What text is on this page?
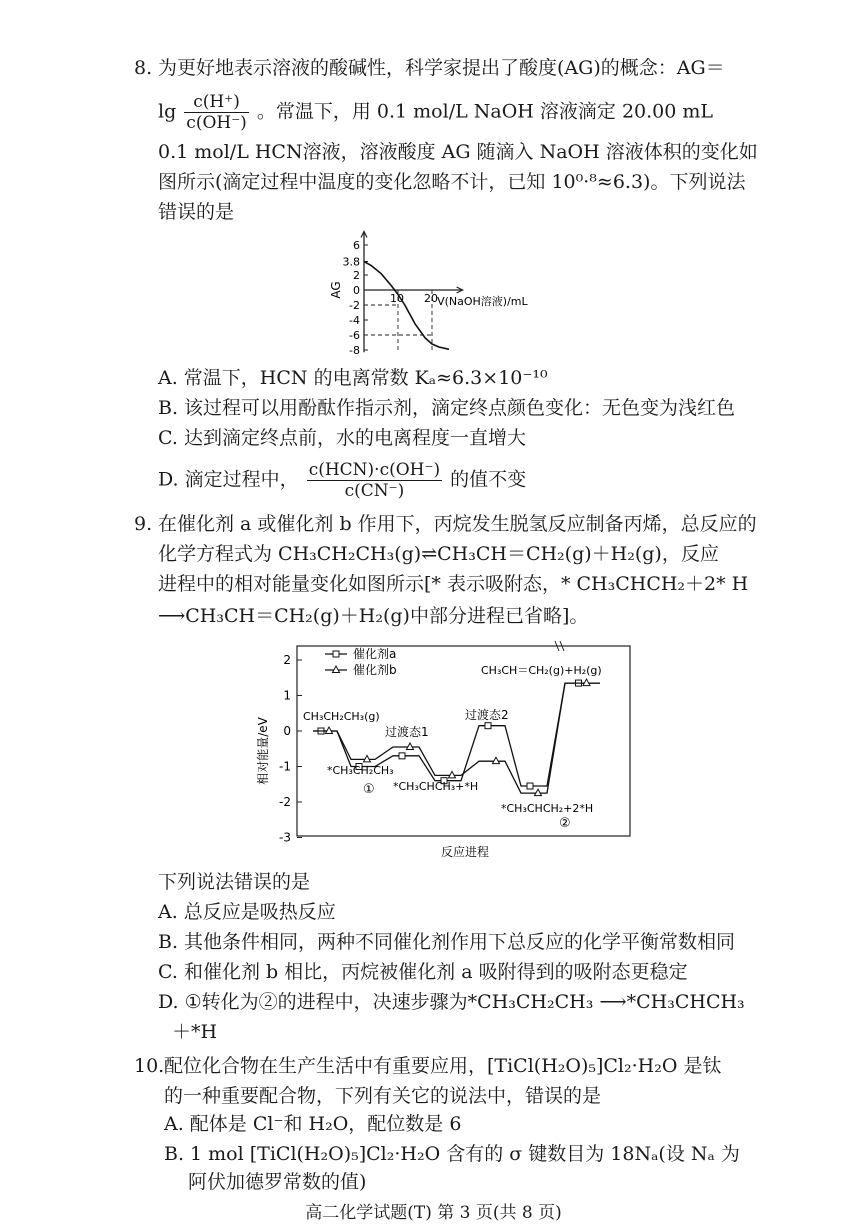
8. 为更好地表示溶液的酸碱性，科学家提出了酸度(AG)的概念：AG＝
$\lg \frac{c(H^+)}{c(OH^-)}$ 。常温下，用 0.1 mol/L NaOH 溶液滴定 20.00 mL
0.1 mol/L HCN溶液，溶液酸度 AG 随滴入 NaOH 溶液体积的变化如
图所示(滴定过程中温度的变化忽略不计，已知 10⁰·⁸≈6.3)。下列说法
错误的是
6
3.8
2
0
-2
-4
-6
-8
10 20 V(NaOH溶液)/mL
AG
A. 常温下，HCN 的电离常数 Kₐ≈6.3×10⁻¹⁰
B. 该过程可以用酚酞作指示剂，滴定终点颜色变化：无色变为浅红色
C. 达到滴定终点前，水的电离程度一直增大
D. 滴定过程中， $\frac{\text{c(HCN)·c(OH⁻)}}{c(CN^-)}$ 的值不变
9. 在催化剂 a 或催化剂 b 作用下，丙烷发生脱氢反应制备丙烯，总反应的
化学方程式为 CH₃CH₂CH₃(g)⇌CH₃CH＝CH₂(g)＋H₂(g)，反应
进程中的相对能量变化如图所示[* 表示吸附态，* CH₃CHCH₂＋2* H
⟶CH₃CH＝CH₂(g)＋H₂(g)中部分进程已省略]。
2
1
0
-1
-2
-3
相对能量/eV
反应进程
催化剂a
催化剂b
CH₃CH₂CH₃(g)
过渡态1
*CH₃CH₂CH₃
①
过渡态2
*CH₃CHCH₃+*H
*CH₃CHCH₂+2*H
②
CH₃CH＝CH₂(g)+H₂(g)
下列说法错误的是
A. 总反应是吸热反应
B. 其他条件相同，两种不同催化剂作用下总反应的化学平衡常数相同
C. 和催化剂 b 相比，丙烷被催化剂 a 吸附得到的吸附态更稳定
D. ①转化为②的进程中，决速步骤为*CH₃CH₂CH₃ ⟶*CH₃CHCH₃
＋*H
10. 配位化合物在生产生活中有重要应用，[TiCl(H₂O)₅]Cl₂·H₂O 是钛
的一种重要配合物，下列有关它的说法中，错误的是
A. 配体是 Cl⁻和 H₂O，配位数是 6
B. 1 mol [TiCl(H₂O)₅]Cl₂·H₂O 含有的 σ 键数目为 18Nₐ(设 Nₐ 为
阿伏加德罗常数的值)
高二化学试题(T) 第 3 页(共 8 页)
